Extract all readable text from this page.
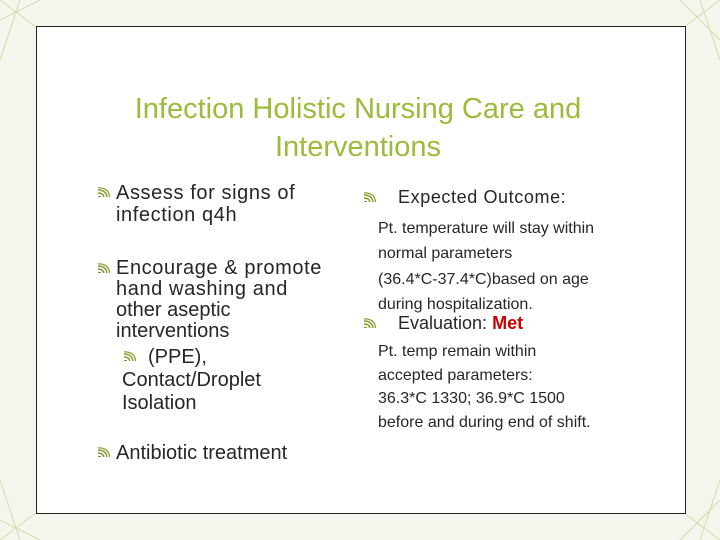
Infection Holistic Nursing Care and
Interventions
Assess for signs of
infection q4h
Encourage & promote
hand washing and
other aseptic
interventions
(PPE),
Contact/Droplet
Isolation
Antibiotic treatment
Expected Outcome:
Pt. temperature will stay within
normal parameters
(36.4*C-37.4*C)based on age
during hospitalization.
Evaluation: Met
Pt. temp remain within
accepted parameters:
36.3*C 1330; 36.9*C 1500
before and during end of shift.
